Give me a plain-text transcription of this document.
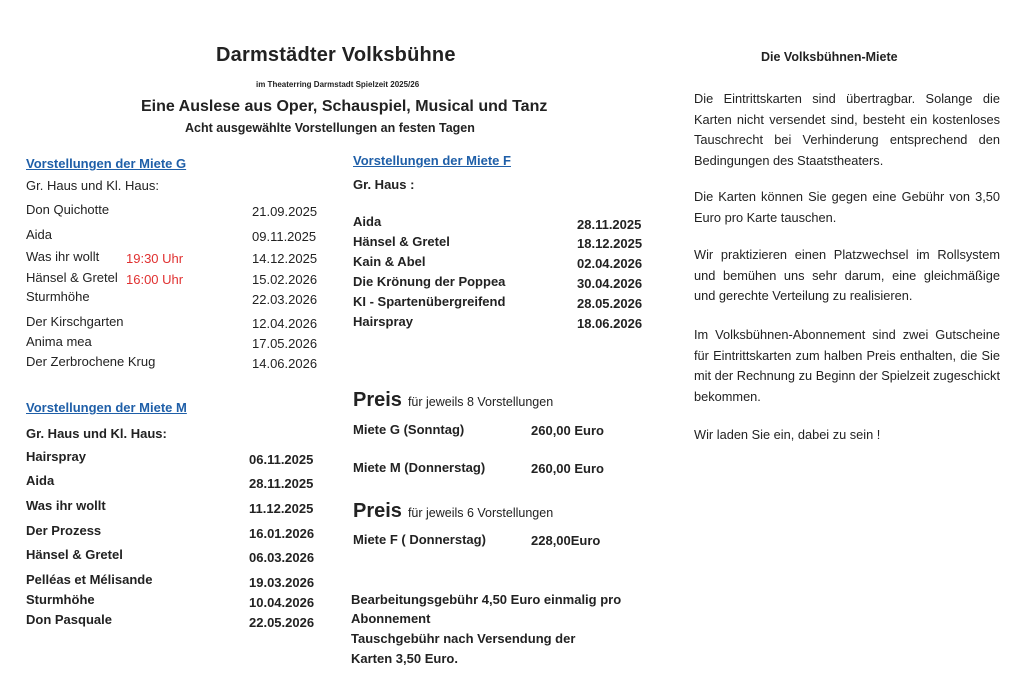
Darmstädter Volksbühne
im Theaterring Darmstadt Spielzeit 2025/26
Eine Auslese aus Oper, Schauspiel, Musical und Tanz
Acht ausgewählte Vorstellungen an festen Tagen
Vorstellungen der Miete G
Gr. Haus und Kl. Haus:
Don Quichotte	21.09.2025
Aida	09.11.2025
Was ihr wollt 19:30 Uhr	14.12.2025
Hänsel & Gretel 16:00 Uhr	15.02.2026
Sturmhöhe	22.03.2026
Der Kirschgarten	12.04.2026
Anima mea	17.05.2026
Der Zerbrochene Krug	14.06.2026
Vorstellungen der Miete M
Gr. Haus und Kl. Haus:
Hairspray	06.11.2025
Aida	28.11.2025
Was ihr wollt	11.12.2025
Der Prozess	16.01.2026
Hänsel & Gretel	06.03.2026
Pelléas et Mélisande	19.03.2026
Sturmhöhe	10.04.2026
Don Pasquale	22.05.2026
Vorstellungen der Miete F
Gr. Haus :
Aida	28.11.2025
Hänsel & Gretel	18.12.2025
Kain & Abel	02.04.2026
Die Krönung der Poppea	30.04.2026
KI - Spartenübergreifend	28.05.2026
Hairspray	18.06.2026
Preis für jeweils 8 Vorstellungen
Miete G (Sonntag)	260,00 Euro
Miete M (Donnerstag)	260,00 Euro
Preis für jeweils 6 Vorstellungen
Miete F ( Donnerstag)	228,00Euro
Bearbeitungsgebühr 4,50 Euro einmalig pro
Abonnement
Tauschgebühr nach Versendung der
Karten 3,50 Euro.
Die Volksbühnen-Miete
Die Eintrittskarten sind übertragbar. Solange die Karten nicht versendet sind, besteht ein kostenloses Tauschrecht bei Verhinderung entsprechend den Bedingungen des Staatstheaters.
Die Karten können Sie gegen eine Gebühr von 3,50 Euro pro Karte tauschen.
Wir praktizieren einen Platzwechsel im Rollsystem und bemühen uns sehr darum, eine gleichmäßige und gerechte Verteilung zu realisieren.
Im Volksbühnen-Abonnement sind zwei Gutscheine für Eintrittskarten zum halben Preis enthalten, die Sie mit der Rechnung zu Beginn der Spielzeit zugeschickt bekommen.
Wir laden Sie ein, dabei zu sein !
